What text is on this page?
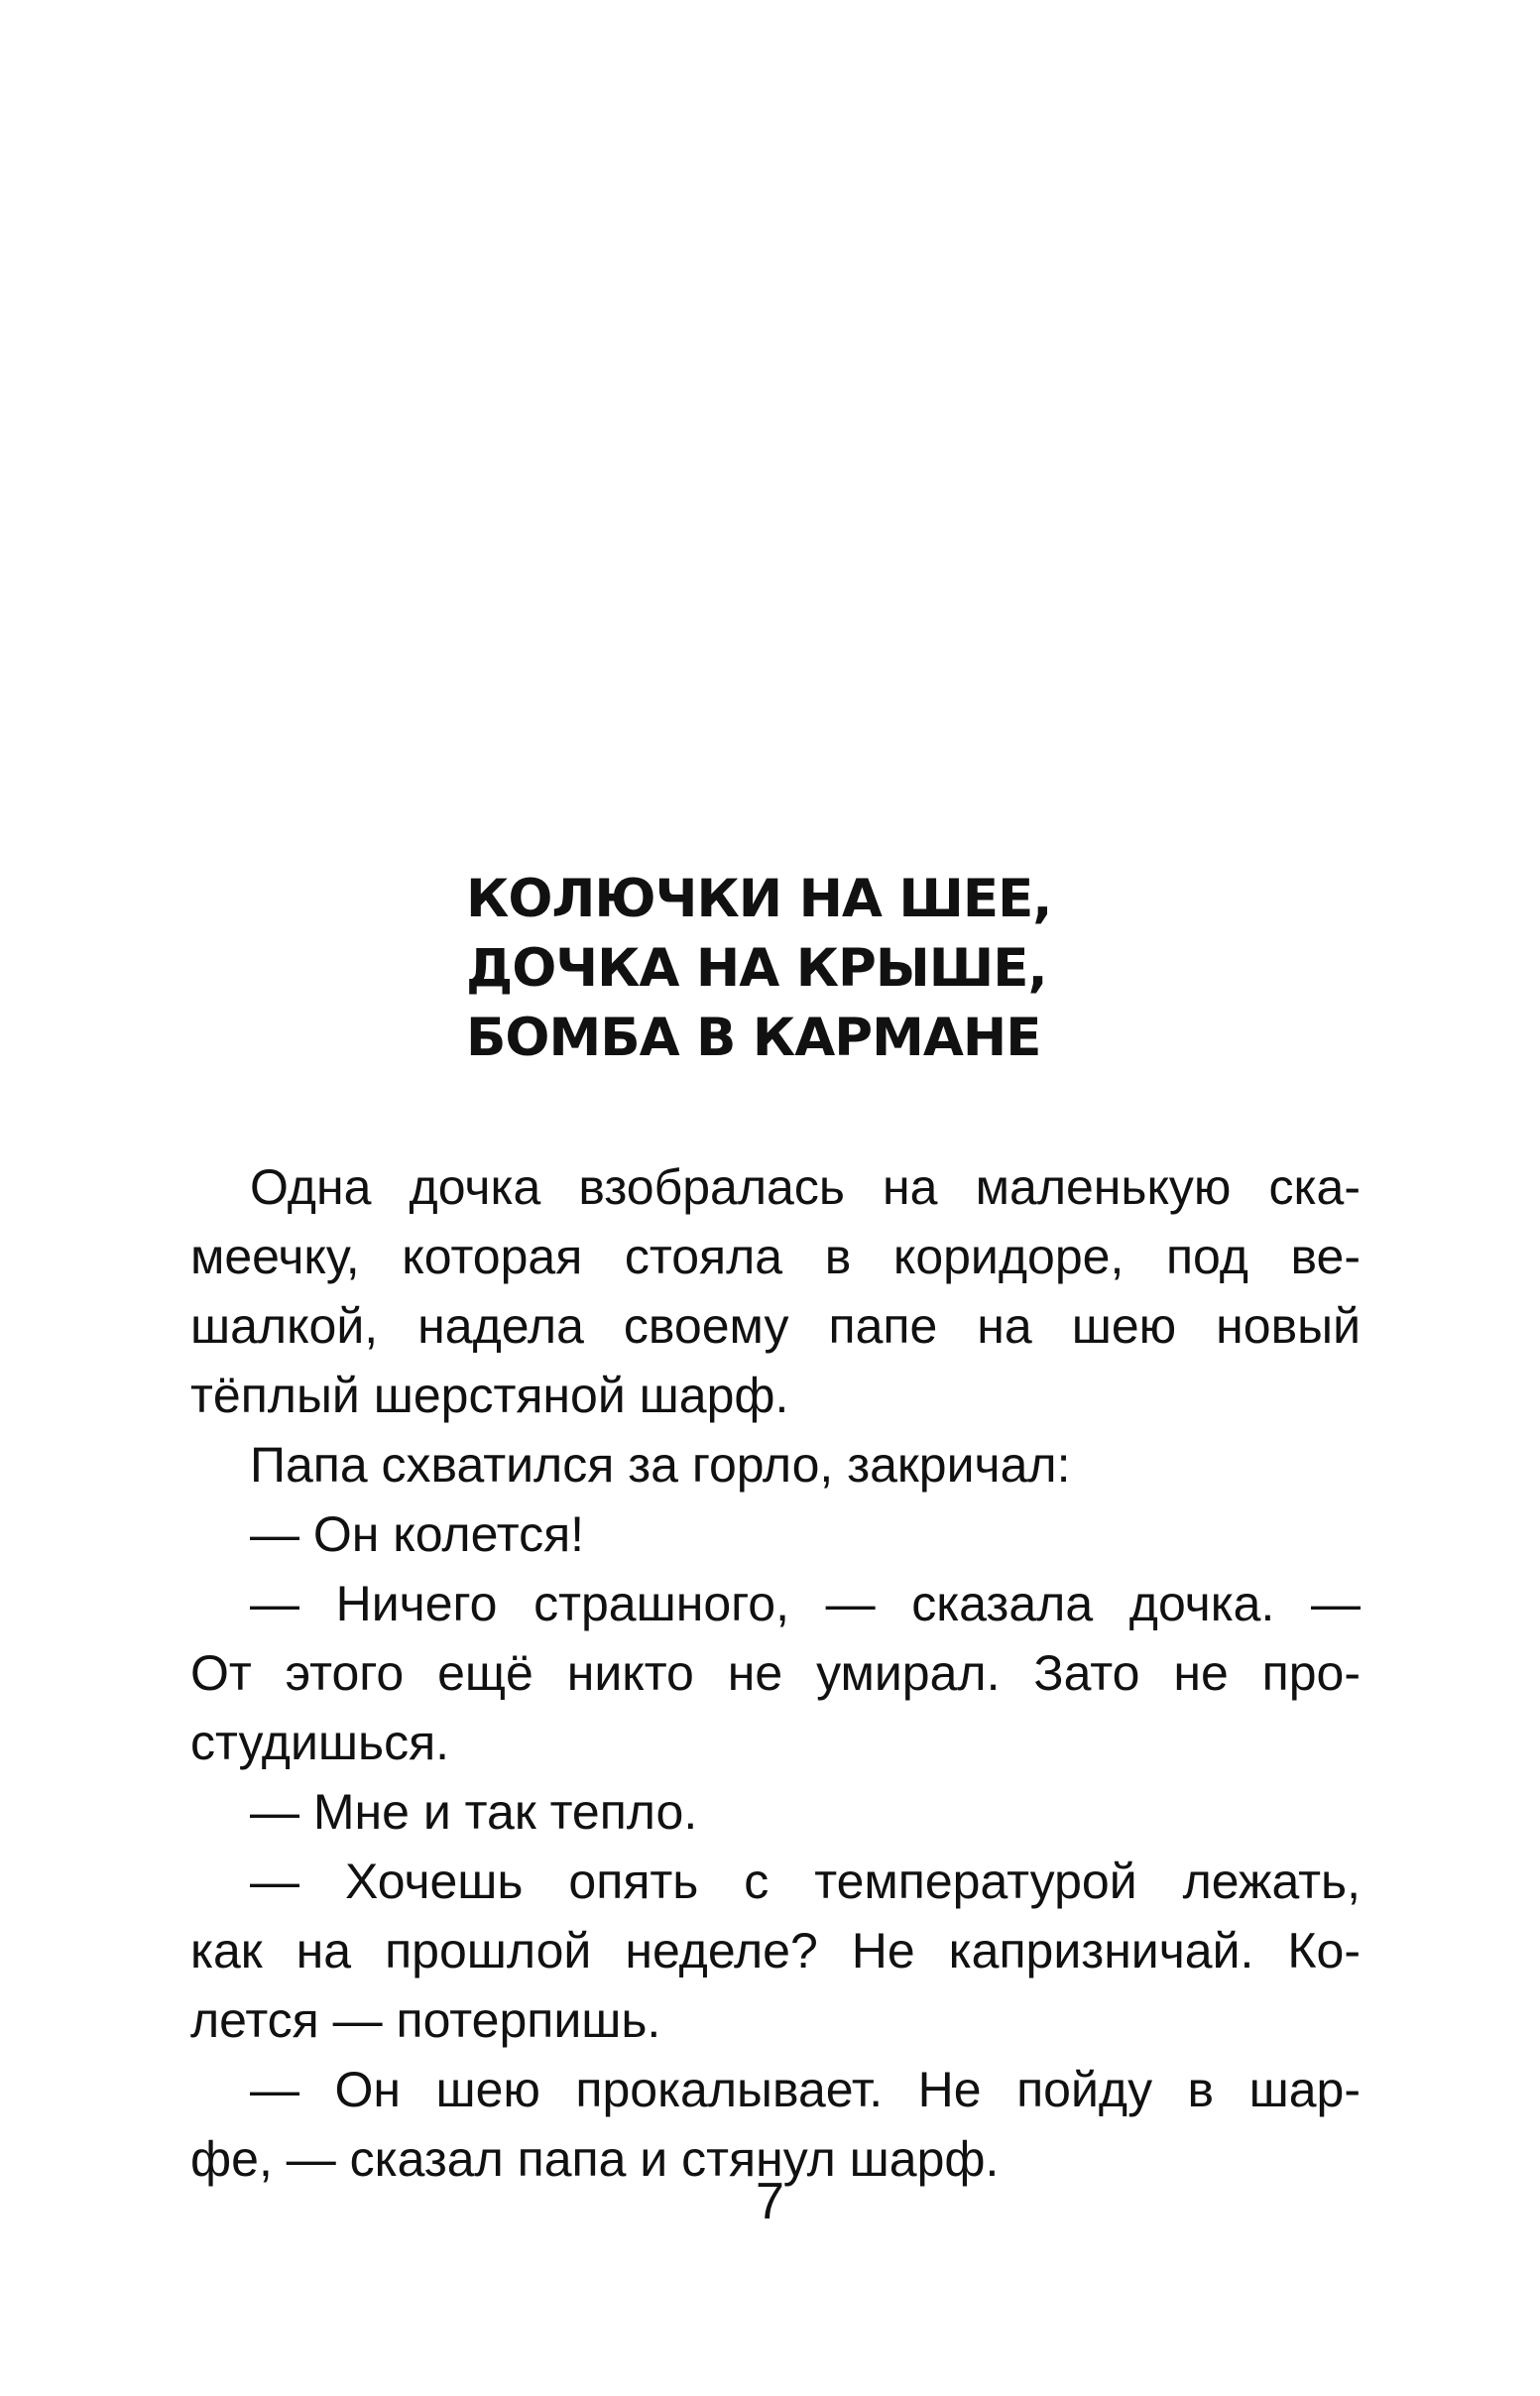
КОЛЮЧКИ НА ШЕЕ,
ДОЧКА НА КРЫШЕ,
БОМБА В КАРМАНЕ

Одна дочка взобралась на маленькую ска-
меечку, которая стояла в коридоре, под ве-
шалкой, надела своему папе на шею новый
тёплый шерстяной шарф.

Папа схватился за горло, закричал:

— Он колется!

— Ничего страшного, — сказала дочка. —
От этого ещё никто не умирал. Зато не про-
студишься.

— Мне и так тепло.

— Хочешь опять с температурой лежать,
как на прошлой неделе? Не капризничай. Ко-
лется — потерпишь.

— Он шею прокалывает. Не пойду в шар-
фе, — сказал папа и стянул шарф.

7
